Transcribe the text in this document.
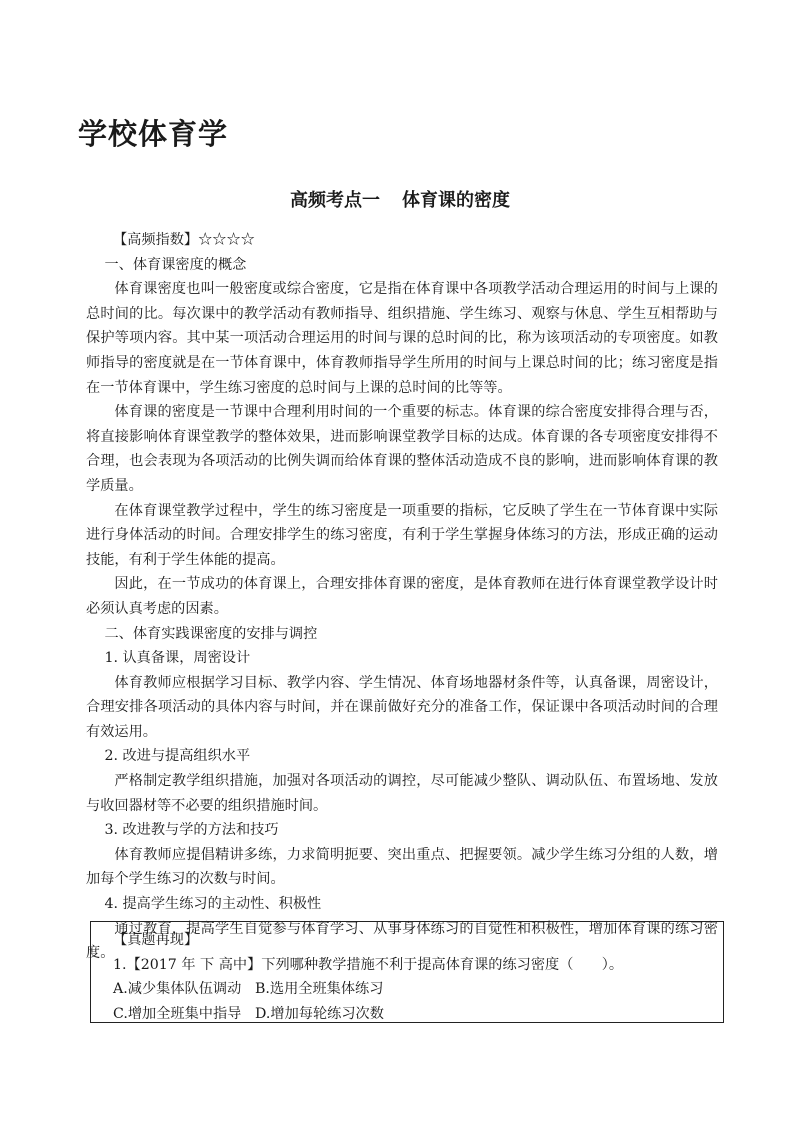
学校体育学
高频考点一 体育课的密度

【高频指数】☆☆☆☆

一、体育课密度的概念

体育课密度也叫一般密度或综合密度，它是指在体育课中各项教学活动合理运用的时间与上课的总时间的比。每次课中的教学活动有教师指导、组织措施、学生练习、观察与休息、学生互相帮助与保护等项内容。其中某一项活动合理运用的时间与课的总时间的比，称为该项活动的专项密度。如教师指导的密度就是在一节体育课中，体育教师指导学生所用的时间与上课总时间的比；练习密度是指在一节体育课中，学生练习密度的总时间与上课的总时间的比等等。

体育课的密度是一节课中合理利用时间的一个重要的标志。体育课的综合密度安排得合理与否，将直接影响体育课堂教学的整体效果，进而影响课堂教学目标的达成。体育课的各专项密度安排得不合理，也会表现为各项活动的比例失调而给体育课的整体活动造成不良的影响，进而影响体育课的教学质量。

在体育课堂教学过程中，学生的练习密度是一项重要的指标，它反映了学生在一节体育课中实际进行身体活动的时间。合理安排学生的练习密度，有利于学生掌握身体练习的方法，形成正确的运动技能，有利于学生体能的提高。

因此，在一节成功的体育课上，合理安排体育课的密度，是体育教师在进行体育课堂教学设计时必须认真考虑的因素。

二、体育实践课密度的安排与调控

1. 认真备课，周密设计

体育教师应根据学习目标、教学内容、学生情况、体育场地器材条件等，认真备课，周密设计，合理安排各项活动的具体内容与时间，并在课前做好充分的准备工作，保证课中各项活动时间的合理有效运用。

2. 改进与提高组织水平

严格制定教学组织措施，加强对各项活动的调控，尽可能减少整队、调动队伍、布置场地、发放与收回器材等不必要的组织措施时间。

3. 改进教与学的方法和技巧

体育教师应提倡精讲多练，力求简明扼要、突出重点、把握要领。减少学生练习分组的人数，增加每个学生练习的次数与时间。

4. 提高学生练习的主动性、积极性

通过教育，提高学生自觉参与体育学习、从事身体练习的自觉性和积极性，增加体育课的练习密度。

【真题再现】

1.【2017 年 下 高中】下列哪种教学措施不利于提高体育课的练习密度（　　）。

A.减少集体队伍调动 B.选用全班集体练习

C.增加全班集中指导 D.增加每轮练习次数
